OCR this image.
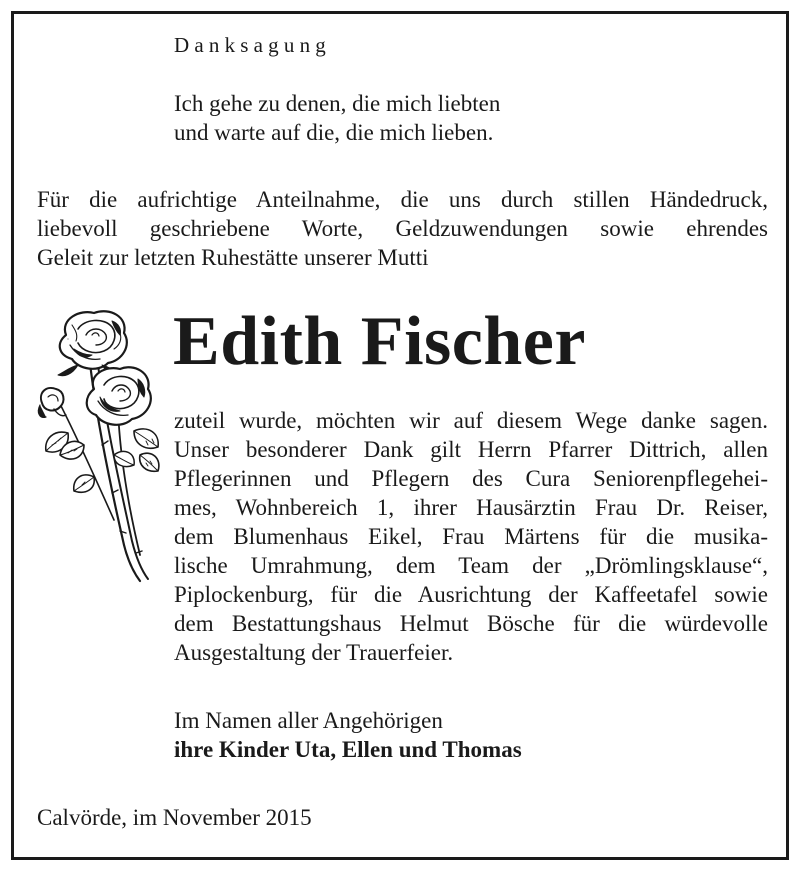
Danksagung
Ich gehe zu denen, die mich liebten
und warte auf die, die mich lieben.
Für die aufrichtige Anteilnahme, die uns durch stillen Händedruck,
liebevoll geschriebene Worte, Geldzuwendungen sowie ehrendes
Geleit zur letzten Ruhestätte unserer Mutti
Edith Fischer
zuteil wurde, möchten wir auf diesem Wege danke sagen.
Unser besonderer Dank gilt Herrn Pfarrer Dittrich, allen
Pflegerinnen und Pflegern des Cura Seniorenpflegehei-
mes, Wohnbereich 1, ihrer Hausärztin Frau Dr. Reiser,
dem Blumenhaus Eikel, Frau Märtens für die musika-
lische Umrahmung, dem Team der „Drömlingsklause“,
Piplockenburg, für die Ausrichtung der Kaffeetafel sowie
dem Bestattungshaus Helmut Bösche für die würdevolle
Ausgestaltung der Trauerfeier.
Im Namen aller Angehörigen
ihre Kinder Uta, Ellen und Thomas
Calvörde, im November 2015
